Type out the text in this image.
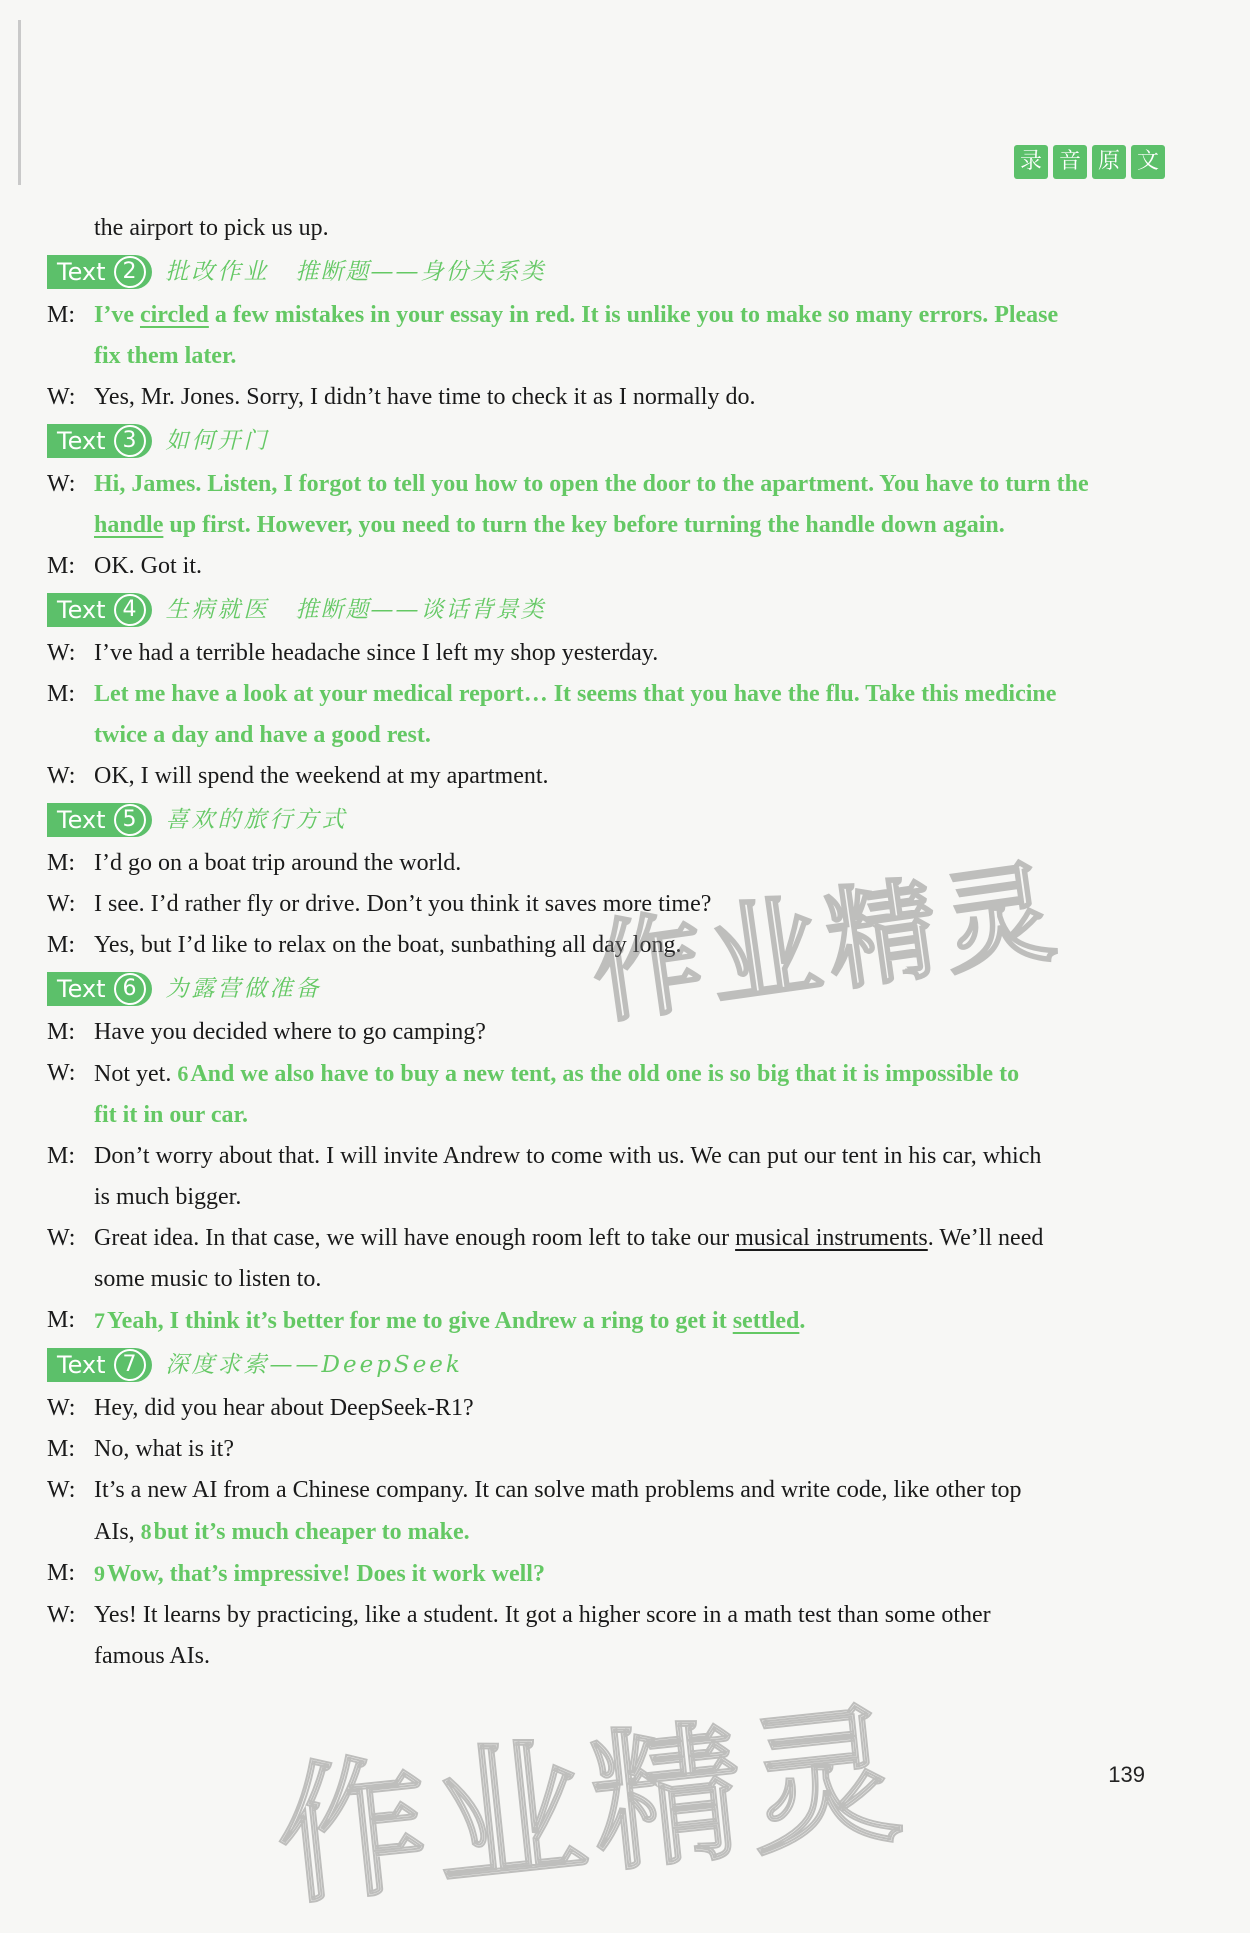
录 音 原 文
the airport to pick us up.
Text 2	批改作业 推断题——身份关系类
M: I’ve circled a few mistakes in your essay in red. It is unlike you to make so many errors. Please
fix them later.
W: Yes, Mr. Jones. Sorry, I didn’t have time to check it as I normally do.
Text 3	如何开门
W: Hi, James. Listen, I forgot to tell you how to open the door to the apartment. You have to turn the
handle up first. However, you need to turn the key before turning the handle down again.
M: OK. Got it.
Text 4	生病就医 推断题——谈话背景类
W: I’ve had a terrible headache since I left my shop yesterday.
M: Let me have a look at your medical report… It seems that you have the flu. Take this medicine
twice a day and have a good rest.
W: OK, I will spend the weekend at my apartment.
Text 5	喜欢的旅行方式
M: I’d go on a boat trip around the world.
W: I see. I’d rather fly or drive. Don’t you think it saves more time?
M: Yes, but I’d like to relax on the boat, sunbathing all day long.
Text 6	为露营做准备
M: Have you decided where to go camping?
W: Not yet. 6And we also have to buy a new tent, as the old one is so big that it is impossible to
fit it in our car.
M: Don’t worry about that. I will invite Andrew to come with us. We can put our tent in his car, which
is much bigger.
W: Great idea. In that case, we will have enough room left to take our musical instruments. We’ll need
some music to listen to.
M: 7Yeah, I think it’s better for me to give Andrew a ring to get it settled.
Text 7	深度求索——DeepSeek
W: Hey, did you hear about DeepSeek-R1?
M: No, what is it?
W: It’s a new AI from a Chinese company. It can solve math problems and write code, like other top
AIs, 8but it’s much cheaper to make.
M: 9Wow, that’s impressive! Does it work well?
W: Yes! It learns by practicing, like a student. It got a higher score in a math test than some other
famous AIs.
作业精灵
作业精灵	139
